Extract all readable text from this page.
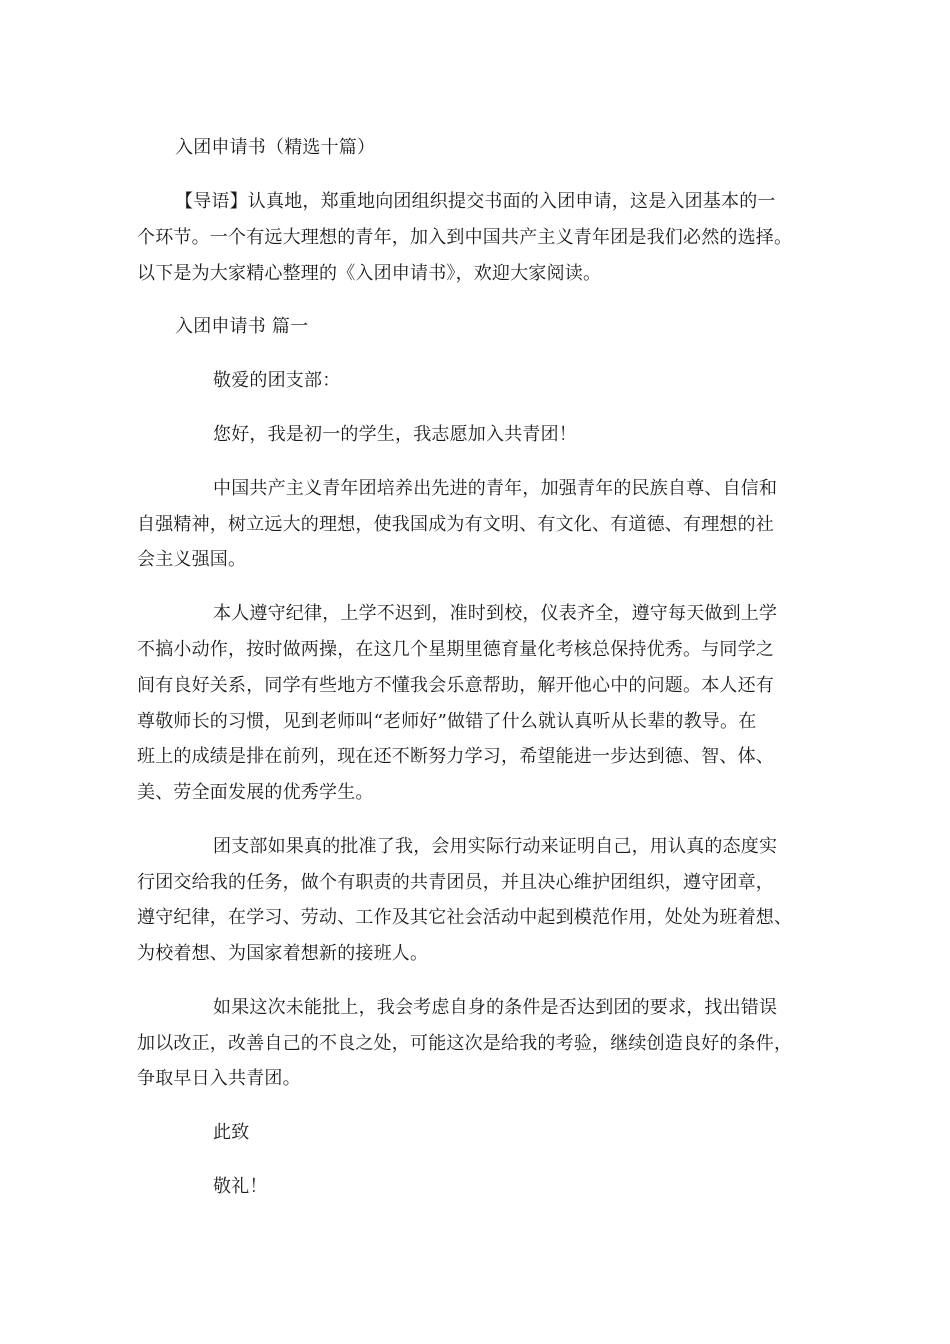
入团申请书（精选十篇）
【导语】认真地，郑重地向团组织提交书面的入团申请，这是入团基本的一
个环节。一个有远大理想的青年，加入到中国共产主义青年团是我们必然的选择。
以下是为大家精心整理的《入团申请书》，欢迎大家阅读。
入团申请书 篇一
敬爱的团支部：
您好，我是初一的学生，我志愿加入共青团！
中国共产主义青年团培养出先进的青年，加强青年的民族自尊、自信和
自强精神，树立远大的理想，使我国成为有文明、有文化、有道德、有理想的社
会主义强国。
本人遵守纪律，上学不迟到，准时到校，仪表齐全，遵守每天做到上学
不搞小动作，按时做两操，在这几个星期里德育量化考核总保持优秀。与同学之
间有良好关系，同学有些地方不懂我会乐意帮助，解开他心中的问题。本人还有
尊敬师长的习惯，见到老师叫“老师好”做错了什么就认真听从长辈的教导。在
班上的成绩是排在前列，现在还不断努力学习，希望能进一步达到德、智、体、
美、劳全面发展的优秀学生。
团支部如果真的批准了我，会用实际行动来证明自己，用认真的态度实
行团交给我的任务，做个有职责的共青团员，并且决心维护团组织，遵守团章，
遵守纪律，在学习、劳动、工作及其它社会活动中起到模范作用，处处为班着想、
为校着想、为国家着想新的接班人。
如果这次未能批上，我会考虑自身的条件是否达到团的要求，找出错误
加以改正，改善自己的不良之处，可能这次是给我的考验，继续创造良好的条件，
争取早日入共青团。
此致
敬礼！
